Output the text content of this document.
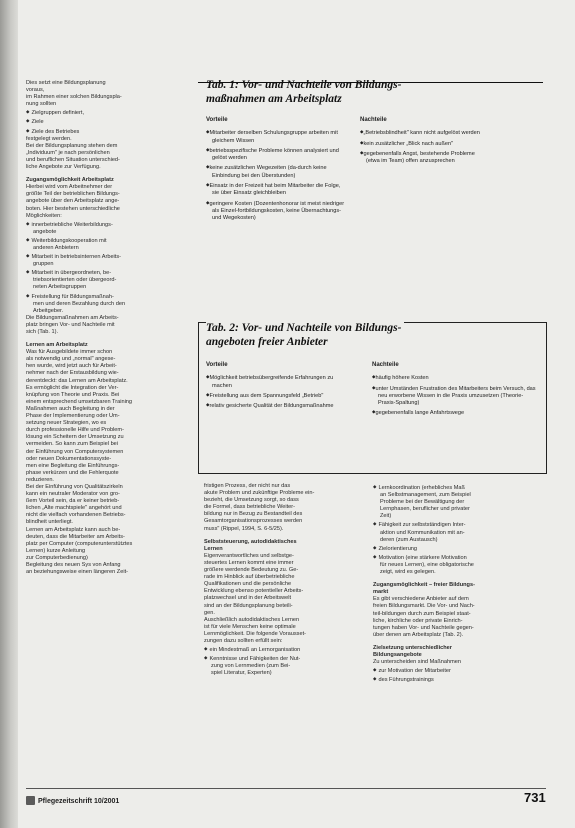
Dies setzt eine Bildungsplanung

voraus,

im Rahmen einer solchen Bildungspla-

nung sollten

◆ Zielgruppen definiert,

◆ Ziele

◆ Ziele des Betriebes

festgelegt werden.

Bei der Bildungsplanung stehen dem

„Individuum" je nach persönlichen

und beruflichen Situation unterschied-

liche Angebote zur Verfügung.

Zugangsmöglichkeit Arbeitsplatz

Hierbei wird vom Arbeitnehmer der

größte Teil der betrieblichen Bildungs-

angebote über den Arbeitsplatz ange-

boten. Hier bestehen unterschiedliche

Möglichkeiten:

◆ innerbetriebliche Weiterbildungs-

angebote

◆ Weiterbildungskooperation mit

anderen Anbietern

◆ Mitarbeit in betriebsinternen Arbeits-

gruppen

◆ Mitarbeit in übergeordneten, be-

triebsorientierten oder übergeord-

neten Arbeitsgruppen

◆ Freistellung für Bildungsmaßnah-

men und deren Bezahlung durch den

Arbeitgeber.

Die Bildungsmaßnahmen am Arbeits-

platz bringen Vor- und Nachteile mit

sich (Tab. 1).

Lernen am Arbeitsplatz

Was für Ausgebildete immer schon

als notwendig und „normal" angese-

hen wurde, wird jetzt auch für Arbeit-

nehmer nach der Erstausbildung wie-

derentdeckt: das Lernen am Arbeitsplatz.

Es ermöglicht die Integration der Ver-

knüpfung von Theorie und Praxis. Bei

einem entsprechend umsetzbaren Training

Maßnahmen auch Begleitung in der

Phase der Implementierung oder Um-

setzung neuer Strategien, wo es

durch professionelle Hilfe und Problem-

lösung ein Scheitern der Umsetzung zu

vermeiden. So kann zum Beispiel bei

der Einführung von Computersystemen

oder neuen Dokumentationssyste-

men eine Begleitung die Einführungs-

phase verkürzen und die Fehlerquote

reduzieren.

Bei der Einführung von Qualitätszirkeln

kann ein neutraler Moderator von gro-

ßem Vorteil sein, da er keiner betrieb-

lichen „Alte machtspiele" angehört und

nicht die vielfach vorhandenen Betriebs-

blindheit unterliegt.

Lernen am Arbeitsplatz kann auch be-

deuten, dass die Mitarbeiter am Arbeits-

platz per Computer (computerunterstütztes

Lernen) kurze Anleitung

zur Computerbedienung)

Begleitung des neuen Sys von Anfang

an beziehungsweise einen längeren Zeit-

Tab. 1: Vor- und Nachteile von Bildungs-
maßnahmen am Arbeitsplatz
Vorteile
◆ Mitarbeiter derselben Schulungsgruppe arbeiten mit gleichem Wissen
◆ betriebsspezifische Probleme können analysiert und gelöst werden
◆ keine zusätzlichen Wegezeiten (da-durch keine Einbindung bei den Überstunden)
◆ Einsatz in der Freizeit hat beim Mitarbeiter die Folge, sie über Einsatz gleichbleiben
◆ geringere Kosten (Dozentenhonorar ist meist niedriger als Einzel-fortbildungskosten, keine Übernachtungs- und Wegekosten)
Nachteile
◆ „Betriebsblindheit" kann nicht aufgelöst werden
◆ kein zusätzlicher „Blick nach außen"
◆ gegebenenfalls Angst, bestehende Probleme (etwa im Team) offen anzusprechen
Tab. 2: Vor- und Nachteile von Bildungs-
angeboten freier Anbieter
Vorteile
◆ Möglichkeit betriebsübergreifende Erfahrungen zu machen
◆ Freistellung aus dem Spannungsfeld „Betrieb"
◆ relativ gesicherte Qualität der Bildungsmaßnahme
Nachteile
◆ häufig höhere Kosten
◆ unter Umständen Frustration des Mitarbeiters beim Versuch, das neu erworbene Wissen in die Praxis umzusetzen (Theorie-Praxis-Spaltung)
◆ gegebenenfalls lange Anfahrtswege

fristigen Prozess, der nicht nur das

akute Problem und zukünftige Probleme ein-

bezieht, die Umsetzung sorgt, so dass

die Formel, dass betriebliche Weiter-

bildung nur in Bezug zu Bestandteil des

Gesamtorganisationsprozesses werden

muss" (Rippel, 1994, S. 6-5/25).

Selbststeuerung, autodidaktisches

Lernen

Eigenverantwortliches und selbstge-

steuertes Lernen kommt eine immer

größere werdende Bedeutung zu. Ge-

rade im Hinblick auf überbetriebliche

Qualifikationen und die persönliche

Entwicklung ebenso potentieller Arbeits-

platzwechsel und in der Arbeitswelt

sind an der Bildungsplanung beteili-

gen.

Auschließlich autodidaktisches Lernen

ist für viele Menschen keine optimale

Lernmöglichkeit. Die folgende Vorausset-

zungen dazu sollten erfüllt sein:

◆ ein Mindestmaß an Lernorganisation

◆ Kenntnisse und Fähigkeiten der Nut-

zung von Lernmedien (zum Bei-

spiel Literatur, Experten)

◆ Lernkoordination (erhebliches Maß

an Selbstmanagement, zum Beispiel

Probleme bei der Bewältigung der

Lernphasen, beruflicher und privater

Zeit)

◆ Fähigkeit zur selbstständigen Inter-

aktion und Kommunikation mit an-

deren (zum Austausch)

◆ Zielorientierung

◆ Motivation (eine stärkere Motivation

für neues Lernen), eine obligatorische

zeigt, wird es gelegen.

Zugangsmöglichkeit – freier Bildungs-

markt

Es gibt verschiedene Anbieter auf dem

freien Bildungsmarkt. Die Vor- und Nach-

teil-bildungen durch zum Beispiel staat-

liche, kirchliche oder private Einrich-

tungen haben Vor- und Nachteile gegen-

über denen am Arbeitsplatz (Tab. 2).

Zielsetzung unterschiedlicher

Bildungsangebote

Zu unterscheiden sind Maßnahmen

◆ zur Motivation der Mitarbeiter

◆ des Führungstrainings

Pflegezeitschrift 10/2001	731
